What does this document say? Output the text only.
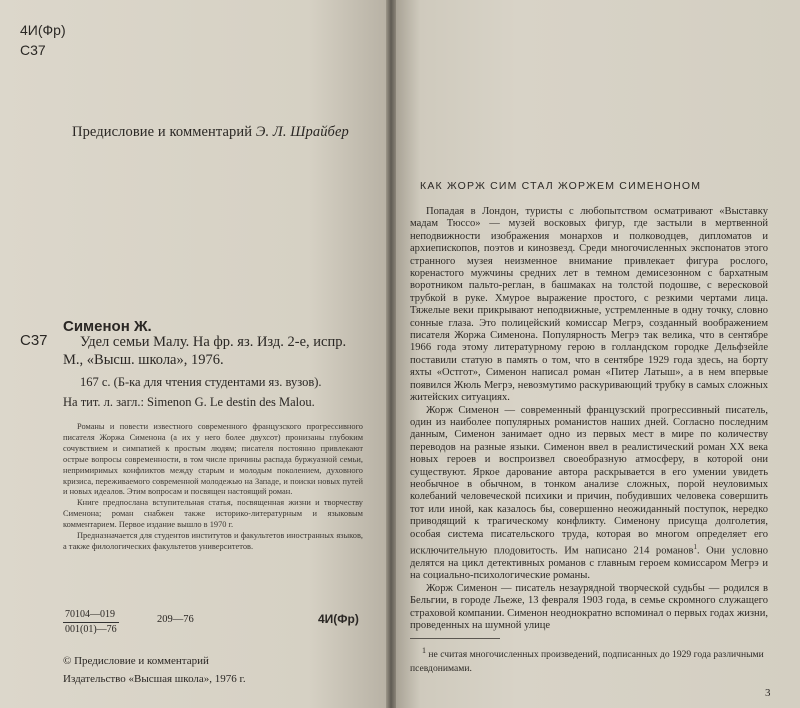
4И(Фр)
С37
Предисловие и комментарий Э. Л. Шрайбер
Сименон Ж.
С37 Удел семьи Малу. На фр. яз. Изд. 2-е, испр.
М., «Высш. школа», 1976.
167 с. (Б-ка для чтения студентами яз. вузов).
На тит. л. загл.: Simenon G. Le destin des Malou.

Романы и повести известного современного французского прогрессивного писателя Жоржа Сименона (а их у него более двухсот) пронизаны глубоким сочувствием и симпатией к простым людям; писателя постоянно привлекают острые вопросы современности, в том числе причины распада буржуазной семьи, непримиримых конфликтов между старым и молодым поколением, духовного кризиса, переживаемого современной молодежью на Западе, и поиски новых путей и новых идеалов. Этим вопросам и посвящен настоящий роман.

Книге предпослана вступительная статья, посвященная жизни и творчеству Сименона; роман снабжен также историко-литературным и языковым комментарием. Первое издание вышло в 1970 г.

Предназначается для студентов институтов и факультетов иностранных языков, а также филологических факультетов университетов.

$\frac{70104—019}{001(01)—76}$	209—76	4И(Фр)
© Предисловие и комментарий
Издательство «Высшая школа», 1976 г.
КАК ЖОРЖ СИМ СТАЛ ЖОРЖЕМ СИМЕНОНОМ

Попадая в Лондон, туристы с любопытством осматривают «Выставку мадам Тюссо» — музей восковых фигур, где застыли в мертвенной неподвижности изображения монархов и полководцев, дипломатов и архиепископов, поэтов и кинозвезд. Среди многочисленных экспонатов этого странного музея неизменное внимание привлекает фигура рослого, коренастого мужчины средних лет в темном демисезонном с бархатным воротником пальто-реглан, в башмаках на толстой подошве, с вересковой трубкой в руке. Хмурое выражение простого, с резкими чертами лица. Тяжелые веки прикрывают неподвижные, устремленные в одну точку, словно сонные глаза. Это полицейский комиссар Мегрэ, созданный воображением писателя Жоржа Сименона. Популярность Мегрэ так велика, что в сентябре 1966 года этому литературному герою в голландском городке Дельфзейле поставили статую в память о том, что в сентябре 1929 года здесь, на борту яхты «Остгот», Сименон написал роман «Питер Латыш», а в нем впервые появился Жюль Мегрэ, невозмутимо раскуривающий трубку в самых сложных житейских ситуациях.

Жорж Сименон — современный французский прогрессивный писатель, один из наиболее популярных романистов наших дней. Согласно последним данным, Сименон занимает одно из первых мест в мире по количеству переводов на разные языки. Сименон ввел в реалистический роман XX века новых героев и воспроизвел своеобразную атмосферу, в которой они существуют. Яркое дарование автора раскрывается в его умении увидеть необычное в обычном, в тонком анализе сложных, порой неуловимых колебаний человеческой психики и причин, побудивших человека совершить тот или иной, как казалось бы, совершенно неожиданный поступок, нередко приводящий к трагическому конфликту. Сименону присуща долголетия, особая система писательского труда, которая во многом определяет его исключительную плодовитость. Им написано 214 романов$^1$. Они условно делятся на цикл детективных романов с главным героем комиссаром Мегрэ и на социально-психологические романы.

Жорж Сименон — писатель незаурядной творческой судьбы — родился в Бельгии, в городе Льеже, 13 февраля 1903 года, в семье скромного служащего страховой компании. Сименон неоднократно вспоминал о первых годах жизни, проведенных на шумной улице

$^1$ не считая многочисленных произведений, подписанных до 1929 года различными псевдонимами.
3
